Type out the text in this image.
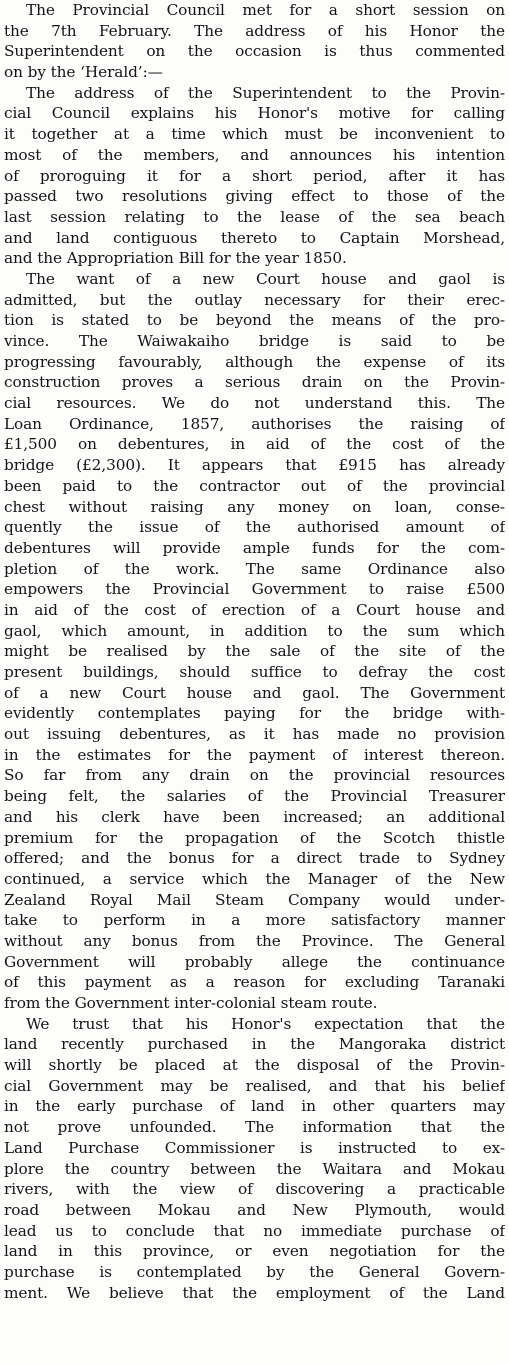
The Provincial Council met for a short session on
the 7th February. The address of his Honor the
Superintendent on the occasion is thus commented
on by the ‘Herald’:—
The address of the Superintendent to the Provin-
cial Council explains his Honor's motive for calling
it together at a time which must be inconvenient to
most of the members, and announces his intention
of proroguing it for a short period, after it has
passed two resolutions giving effect to those of the
last session relating to the lease of the sea beach
and land contiguous thereto to Captain Morshead,
and the Appropriation Bill for the year 1850.
The want of a new Court house and gaol is
admitted, but the outlay necessary for their erec-
tion is stated to be beyond the means of the pro-
vince. The Waiwakaiho bridge is said to be
progressing favourably, although the expense of its
construction proves a serious drain on the Provin-
cial resources. We do not understand this. The
Loan Ordinance, 1857, authorises the raising of
£1,500 on debentures, in aid of the cost of the
bridge (£2,300). It appears that £915 has already
been paid to the contractor out of the provincial
chest without raising any money on loan, conse-
quently the issue of the authorised amount of
debentures will provide ample funds for the com-
pletion of the work. The same Ordinance also
empowers the Provincial Government to raise £500
in aid of the cost of erection of a Court house and
gaol, which amount, in addition to the sum which
might be realised by the sale of the site of the
present buildings, should suffice to defray the cost
of a new Court house and gaol. The Government
evidently contemplates paying for the bridge with-
out issuing debentures, as it has made no provision
in the estimates for the payment of interest thereon.
So far from any drain on the provincial resources
being felt, the salaries of the Provincial Treasurer
and his clerk have been increased; an additional
premium for the propagation of the Scotch thistle
offered; and the bonus for a direct trade to Sydney
continued, a service which the Manager of the New
Zealand Royal Mail Steam Company would under-
take to perform in a more satisfactory manner
without any bonus from the Province. The General
Government will probably allege the continuance
of this payment as a reason for excluding Taranaki
from the Government inter-colonial steam route.
We trust that his Honor's expectation that the
land recently purchased in the Mangoraka district
will shortly be placed at the disposal of the Provin-
cial Government may be realised, and that his belief
in the early purchase of land in other quarters may
not prove unfounded. The information that the
Land Purchase Commissioner is instructed to ex-
plore the country between the Waitara and Mokau
rivers, with the view of discovering a practicable
road between Mokau and New Plymouth, would
lead us to conclude that no immediate purchase of
land in this province, or even negotiation for the
purchase is contemplated by the General Govern-
ment. We believe that the employment of the Land
